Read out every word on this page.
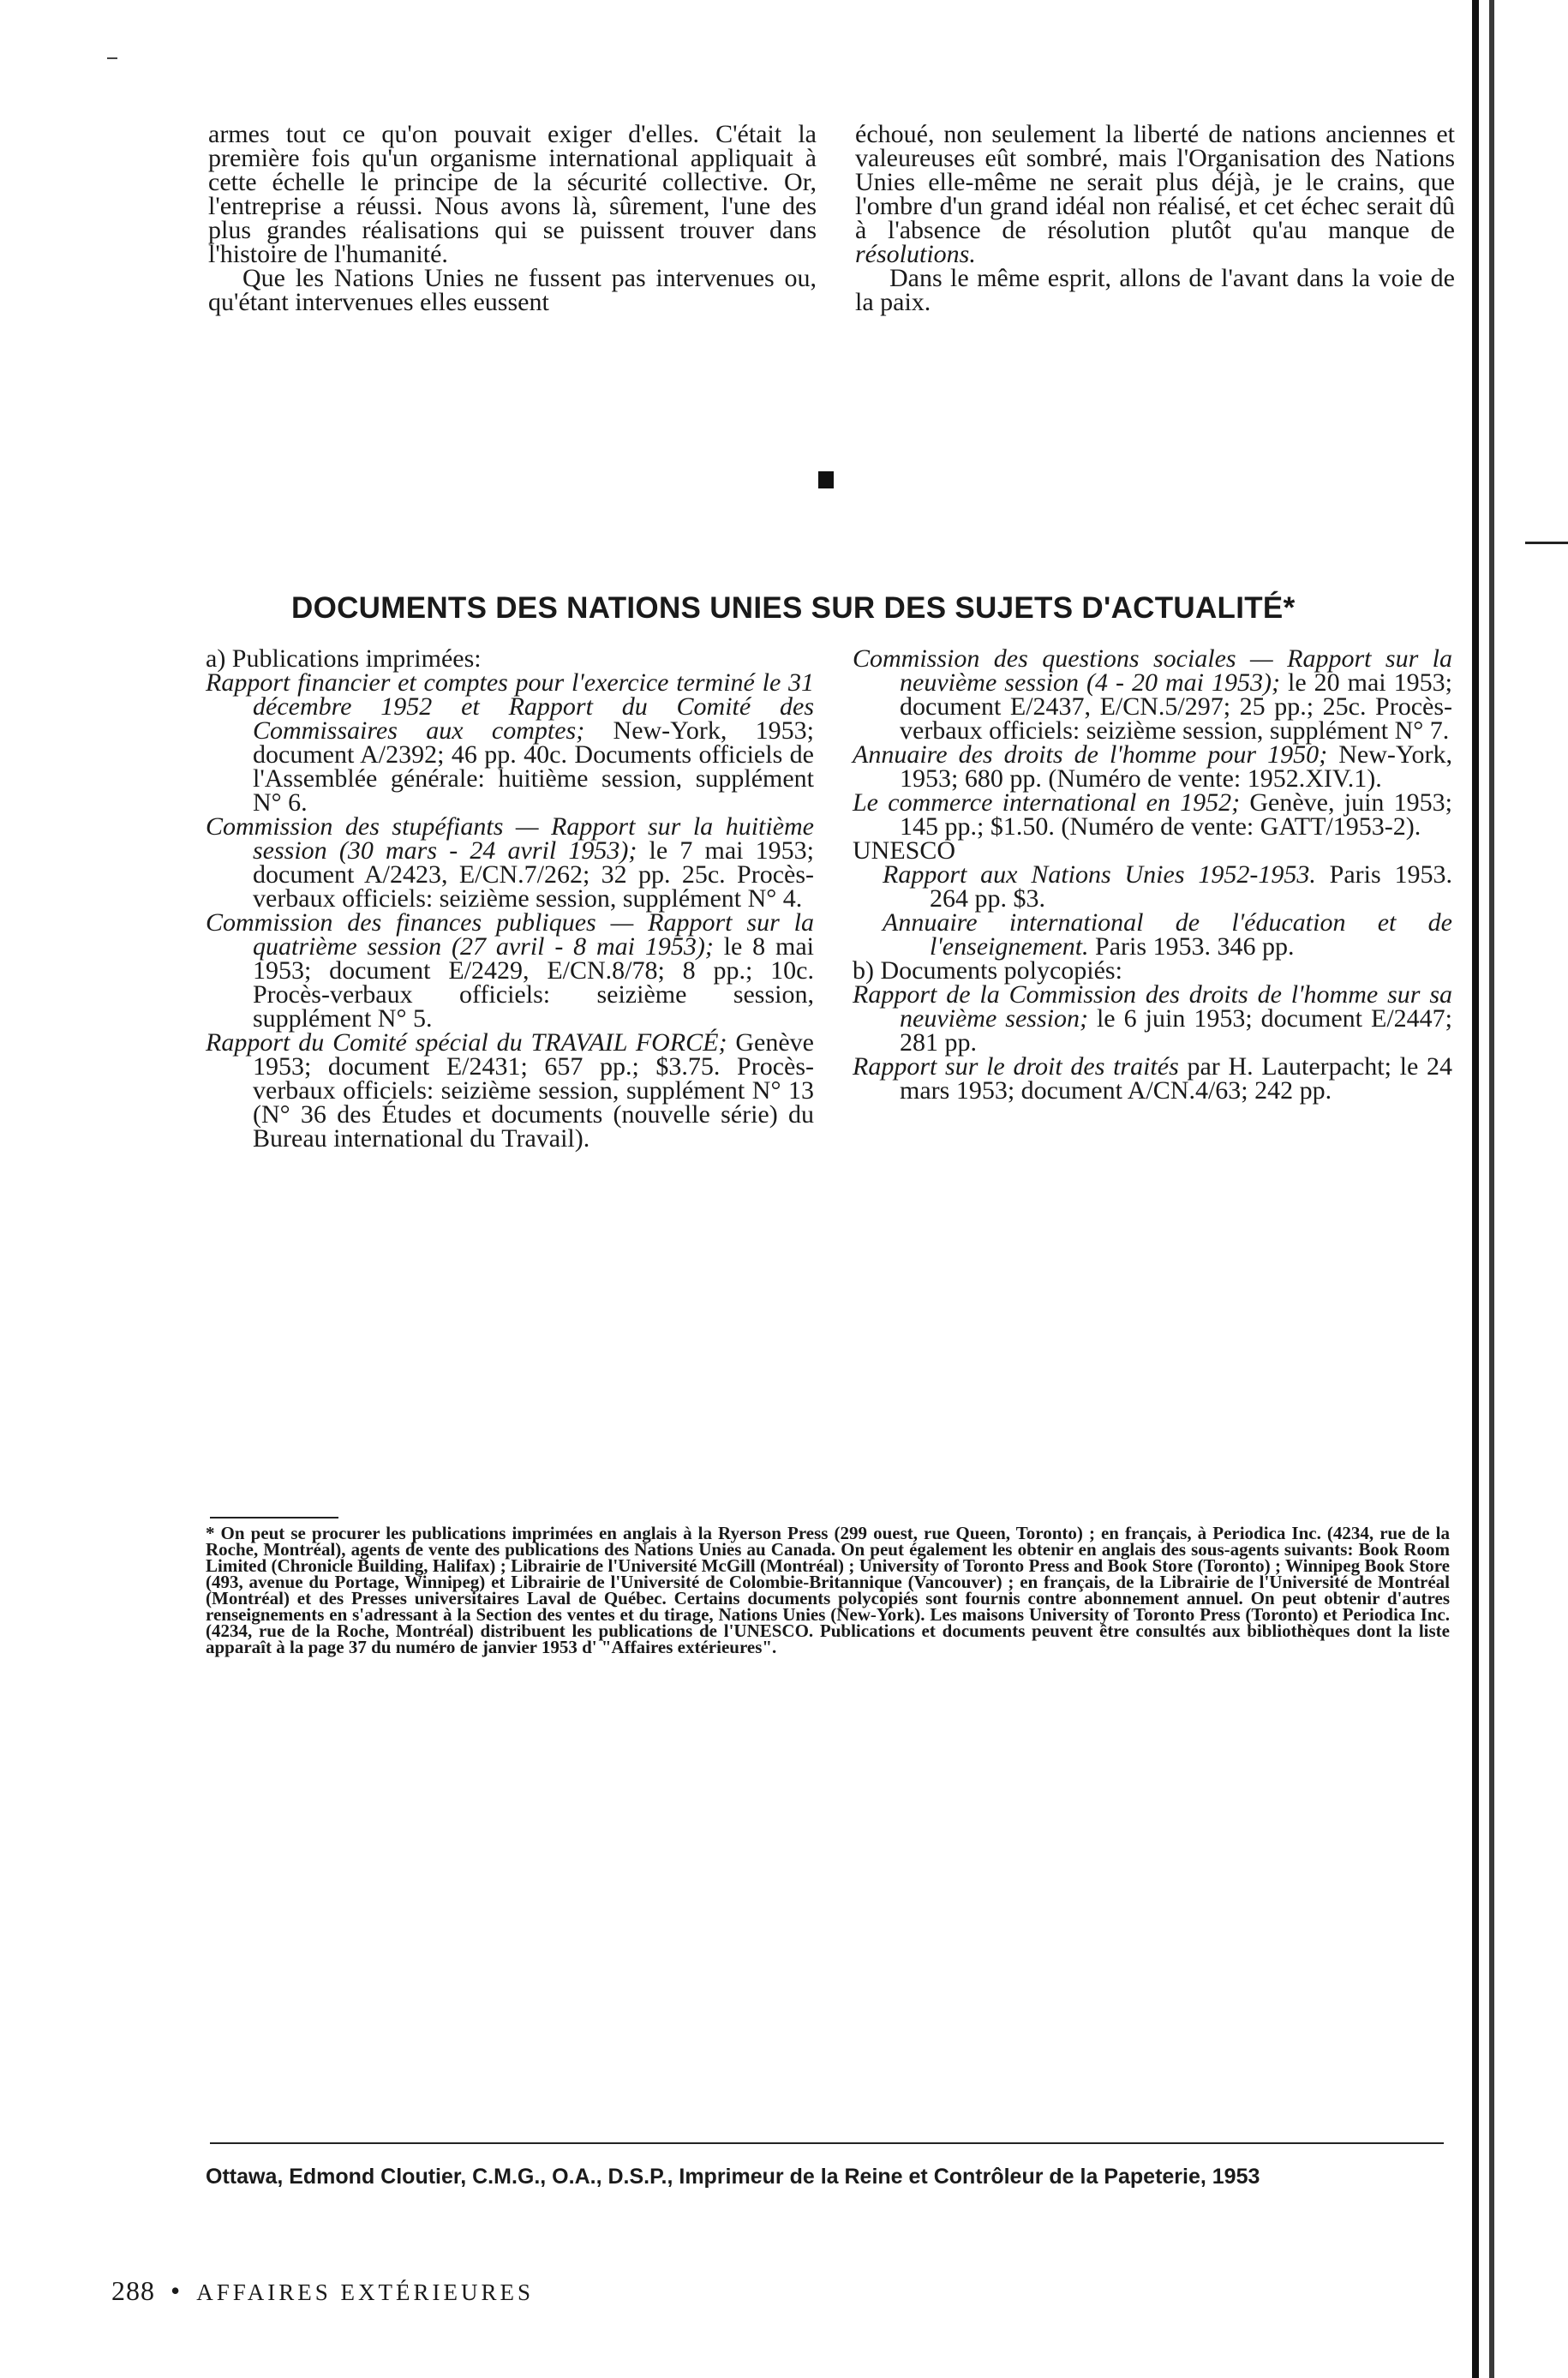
armes tout ce qu'on pouvait exiger d'elles. C'était la première fois qu'un organisme international appliquait à cette échelle le principe de la sécurité collective. Or, l'entreprise a réussi. Nous avons là, sûrement, l'une des plus grandes réalisations qui se puissent trouver dans l'histoire de l'humanité.

Que les Nations Unies ne fussent pas intervenues ou, qu'étant intervenues elles eussent

échoué, non seulement la liberté de nations anciennes et valeureuses eût sombré, mais l'Organisation des Nations Unies elle-même ne serait plus déjà, je le crains, que l'ombre d'un grand idéal non réalisé, et cet échec serait dû à l'absence de résolution plutôt qu'au manque de résolutions.

Dans le même esprit, allons de l'avant dans la voie de la paix.

DOCUMENTS DES NATIONS UNIES SUR DES SUJETS D'ACTUALITÉ*

a) Publications imprimées:

Rapport financier et comptes pour l'exercice terminé le 31 décembre 1952 et Rapport du Comité des Commissaires aux comptes; New-York, 1953; document A/2392; 46 pp. 40c. Documents officiels de l'Assemblée générale: huitième session, supplément N° 6.

Commission des stupéfiants — Rapport sur la huitième session (30 mars - 24 avril 1953); le 7 mai 1953; document A/2423, E/CN.7/262; 32 pp. 25c. Procès-verbaux officiels: seizième session, supplément N° 4.

Commission des finances publiques — Rapport sur la quatrième session (27 avril - 8 mai 1953); le 8 mai 1953; document E/2429, E/CN.8/78; 8 pp.; 10c. Procès-verbaux officiels: seizième session, supplément N° 5.

Rapport du Comité spécial du TRAVAIL FORCÉ; Genève 1953; document E/2431; 657 pp.; $3.75. Procès-verbaux officiels: seizième session, supplément N° 13 (N° 36 des Études et documents (nouvelle série) du Bureau international du Travail).

Commission des questions sociales — Rapport sur la neuvième session (4 - 20 mai 1953); le 20 mai 1953; document E/2437, E/CN.5/297; 25 pp.; 25c. Procès-verbaux officiels: seizième session, supplément N° 7.

Annuaire des droits de l'homme pour 1950; New-York, 1953; 680 pp. (Numéro de vente: 1952.XIV.1).

Le commerce international en 1952; Genève, juin 1953; 145 pp.; $1.50. (Numéro de vente: GATT/1953-2).

UNESCO

Rapport aux Nations Unies 1952-1953. Paris 1953. 264 pp. $3.

Annuaire international de l'éducation et de l'enseignement. Paris 1953. 346 pp.

b) Documents polycopiés:

Rapport de la Commission des droits de l'homme sur sa neuvième session; le 6 juin 1953; document E/2447; 281 pp.

Rapport sur le droit des traités par H. Lauterpacht; le 24 mars 1953; document A/CN.4/63; 242 pp.

* On peut se procurer les publications imprimées en anglais à la Ryerson Press (299 ouest, rue Queen, Toronto) ; en français, à Periodica Inc. (4234, rue de la Roche, Montréal), agents de vente des publications des Nations Unies au Canada. On peut également les obtenir en anglais des sous-agents suivants: Book Room Limited (Chronicle Building, Halifax) ; Librairie de l'Université McGill (Montréal) ; University of Toronto Press and Book Store (Toronto) ; Winnipeg Book Store (493, avenue du Portage, Winnipeg) et Librairie de l'Université de Colombie-Britannique (Vancouver) ; en français, de la Librairie de l'Université de Montréal (Montréal) et des Presses universitaires Laval de Québec. Certains documents polycopiés sont fournis contre abonnement annuel. On peut obtenir d'autres renseignements en s'adressant à la Section des ventes et du tirage, Nations Unies (New-York). Les maisons University of Toronto Press (Toronto) et Periodica Inc. (4234, rue de la Roche, Montréal) distribuent les publications de l'UNESCO. Publications et documents peuvent être consultés aux bibliothèques dont la liste apparaît à la page 37 du numéro de janvier 1953 d' "Affaires extérieures".
Ottawa, Edmond Cloutier, C.M.G., O.A., D.S.P., Imprimeur de la Reine et Contrôleur de la Papeterie, 1953
288 • AFFAIRES EXTÉRIEURES
